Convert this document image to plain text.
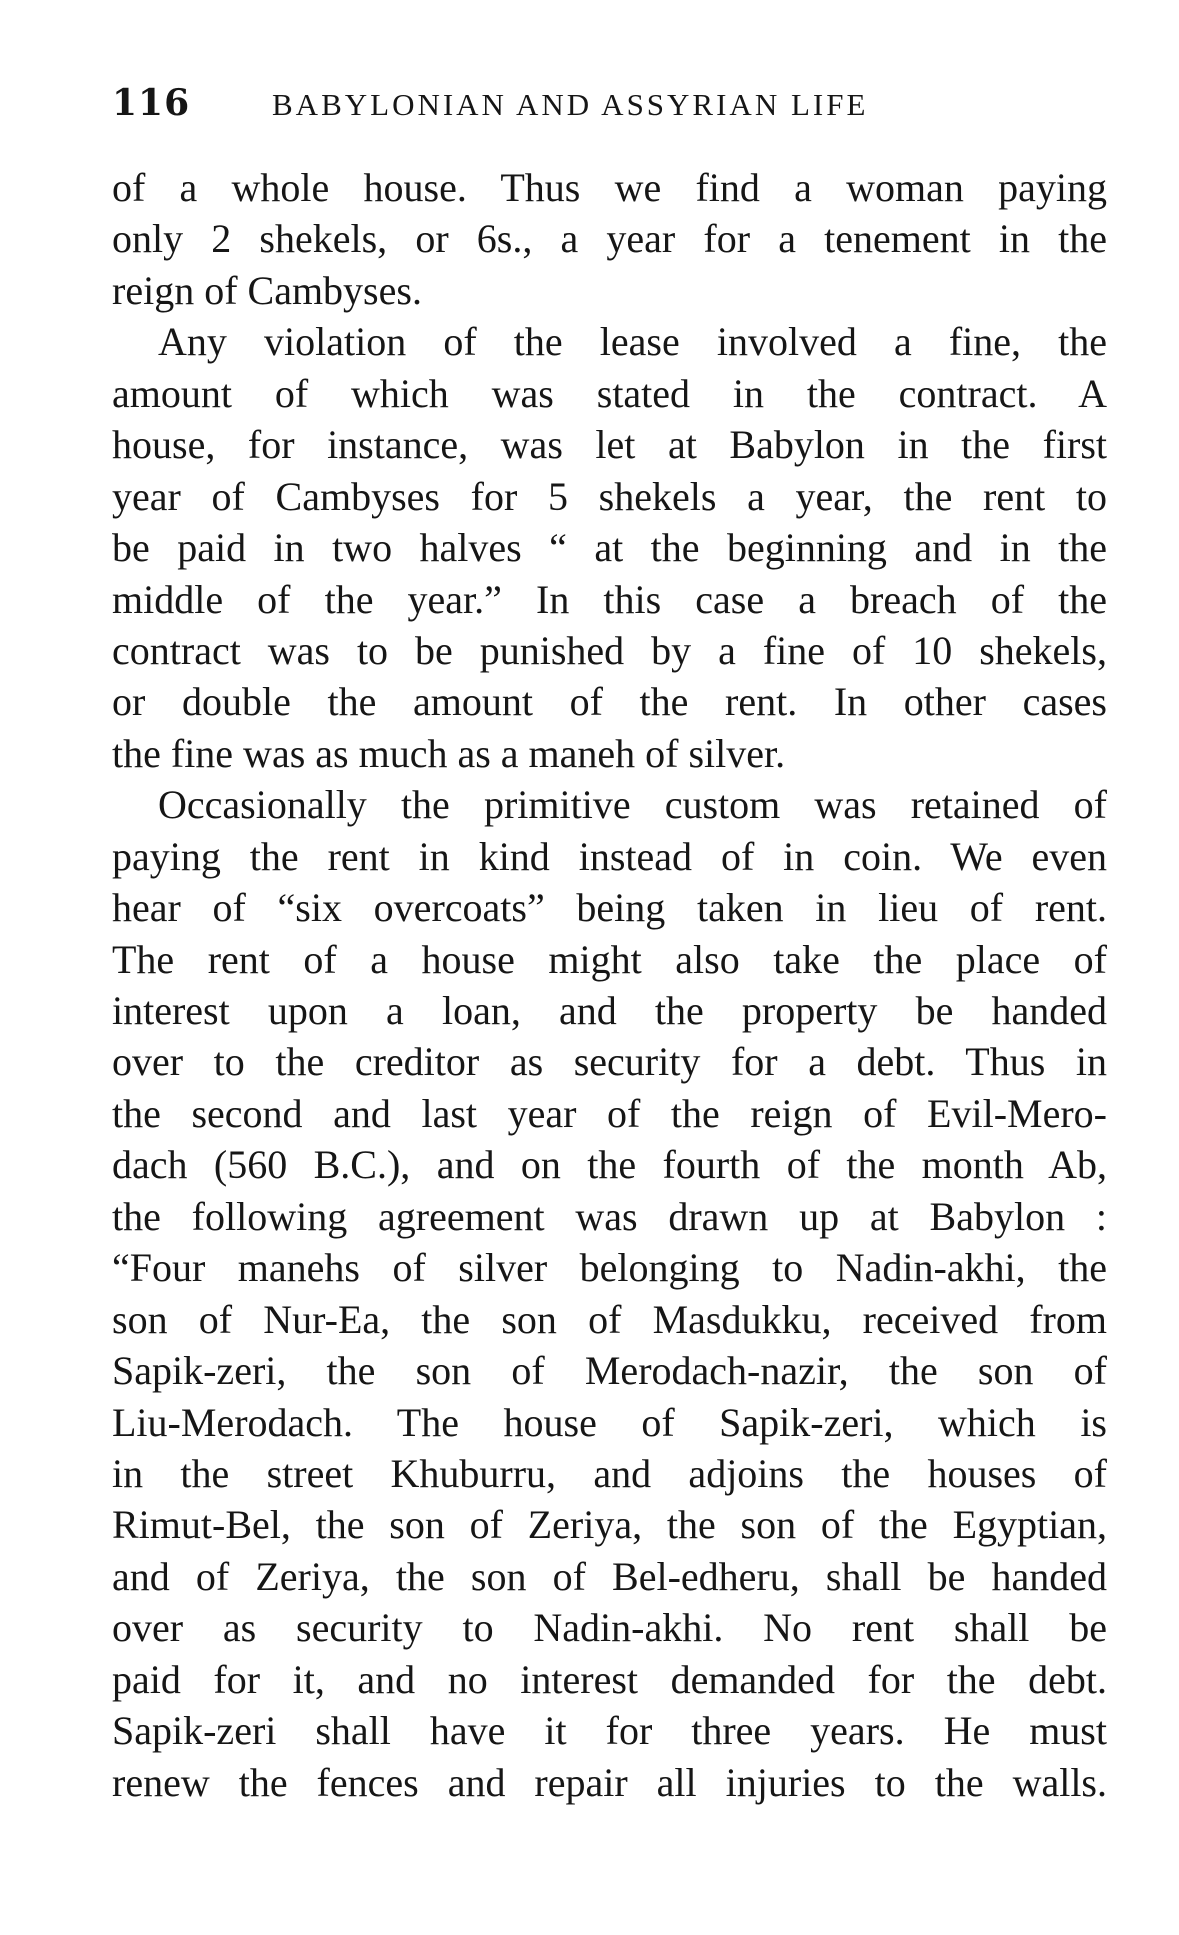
116	BABYLONIAN AND ASSYRIAN LIFE
of a whole house. Thus we find a woman paying
only 2 shekels, or 6s., a year for a tenement in the
reign of Cambyses.
Any violation of the lease involved a fine, the
amount of which was stated in the contract. A
house, for instance, was let at Babylon in the first
year of Cambyses for 5 shekels a year, the rent to
be paid in two halves “ at the beginning and in the
middle of the year.” In this case a breach of the
contract was to be punished by a fine of 10 shekels,
or double the amount of the rent. In other cases
the fine was as much as a maneh of silver.
Occasionally the primitive custom was retained of
paying the rent in kind instead of in coin. We even
hear of “six overcoats” being taken in lieu of rent.
The rent of a house might also take the place of
interest upon a loan, and the property be handed
over to the creditor as security for a debt. Thus in
the second and last year of the reign of Evil-Mero-
dach (560 B.C.), and on the fourth of the month Ab,
the following agreement was drawn up at Babylon :
“Four manehs of silver belonging to Nadin-akhi, the
son of Nur-Ea, the son of Masdukku, received from
Sapik-zeri, the son of Merodach-nazir, the son of
Liu-Merodach. The house of Sapik-zeri, which is
in the street Khuburru, and adjoins the houses of
Rimut-Bel, the son of Zeriya, the son of the Egyptian,
and of Zeriya, the son of Bel-edheru, shall be handed
over as security to Nadin-akhi. No rent shall be
paid for it, and no interest demanded for the debt.
Sapik-zeri shall have it for three years. He must
renew the fences and repair all injuries to the walls.
